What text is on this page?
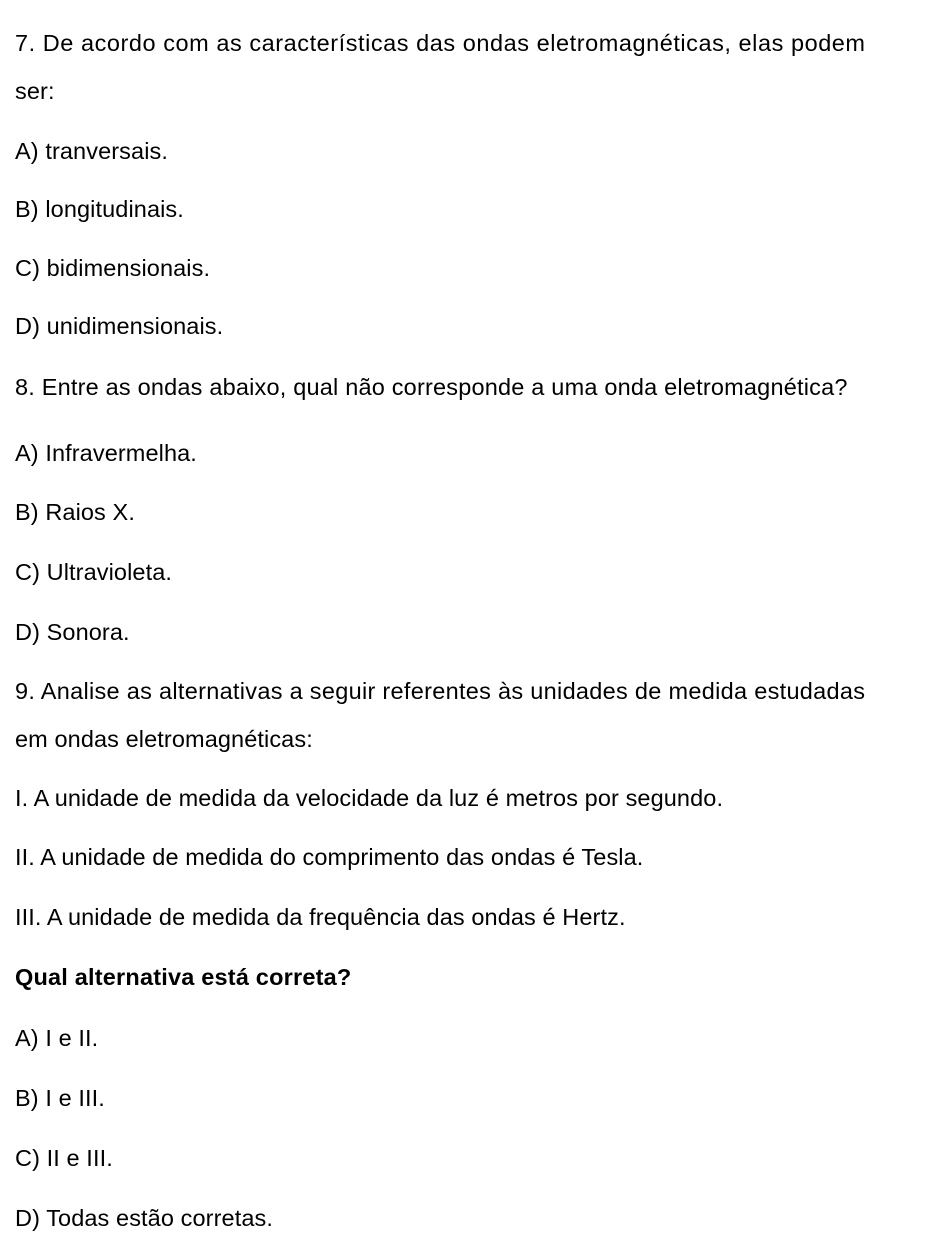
7. De acordo com as características das ondas eletromagnéticas, elas podem
ser:
A) tranversais.
B) longitudinais.
C) bidimensionais.
D) unidimensionais.
8. Entre as ondas abaixo, qual não corresponde a uma onda eletromagnética?
A) Infravermelha.
B) Raios X.
C) Ultravioleta.
D) Sonora.
9. Analise as alternativas a seguir referentes às unidades de medida estudadas
em ondas eletromagnéticas:
I. A unidade de medida da velocidade da luz é metros por segundo.
II. A unidade de medida do comprimento das ondas é Tesla.
III. A unidade de medida da frequência das ondas é Hertz.
Qual alternativa está correta?
A) I e II.
B) I e III.
C) II e III.
D) Todas estão corretas.
